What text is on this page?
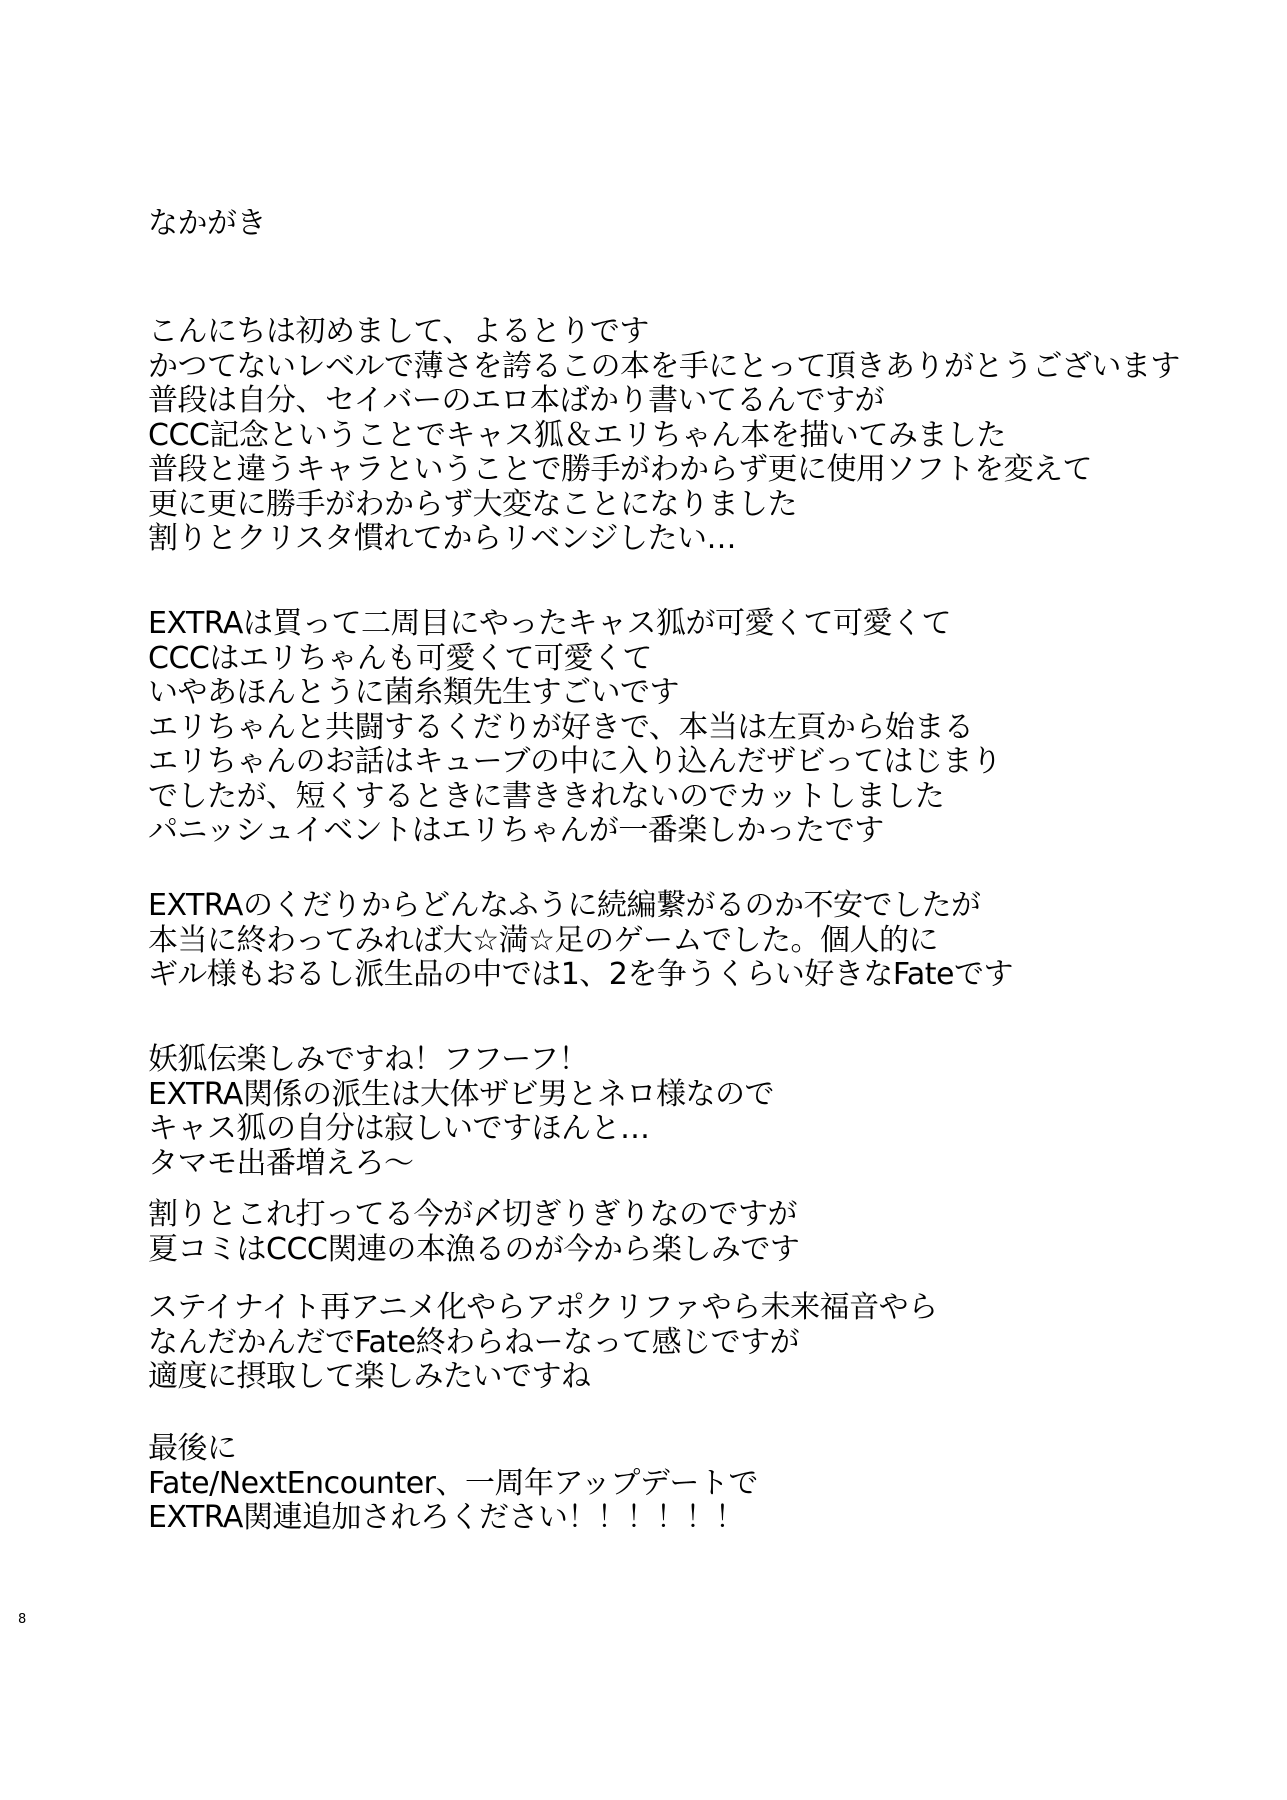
なかがき
こんにちは初めまして、よるとりです
かつてないレベルで薄さを誇るこの本を手にとって頂きありがとうございます
普段は自分、セイバーのエロ本ばかり書いてるんですが
CCC記念ということでキャス狐＆エリちゃん本を描いてみました
普段と違うキャラということで勝手がわからず更に使用ソフトを変えて
更に更に勝手がわからず大変なことになりました
割りとクリスタ慣れてからリベンジしたい…
EXTRAは買って二周目にやったキャス狐が可愛くて可愛くて
CCCはエリちゃんも可愛くて可愛くて
いやあほんとうに菌糸類先生すごいです
エリちゃんと共闘するくだりが好きで、本当は左頁から始まる
エリちゃんのお話はキューブの中に入り込んだザビってはじまり
でしたが、短くするときに書ききれないのでカットしました
パニッシュイベントはエリちゃんが一番楽しかったです
EXTRAのくだりからどんなふうに続編繋がるのか不安でしたが
本当に終わってみれば大☆満☆足のゲームでした。個人的に
ギル様もおるし派生品の中では1、2を争うくらい好きなFateです
妖狐伝楽しみですね！フフーフ！
EXTRA関係の派生は大体ザビ男とネロ様なので
キャス狐の自分は寂しいですほんと…
タマモ出番増えろ〜
割りとこれ打ってる今が〆切ぎりぎりなのですが
夏コミはCCC関連の本漁るのが今から楽しみです
ステイナイト再アニメ化やらアポクリファやら未来福音やら
なんだかんだでFate終わらねーなって感じですが
適度に摂取して楽しみたいですね
最後に
Fate/NextEncounter、一周年アップデートで
EXTRA関連追加されろください！！！！！！
8
